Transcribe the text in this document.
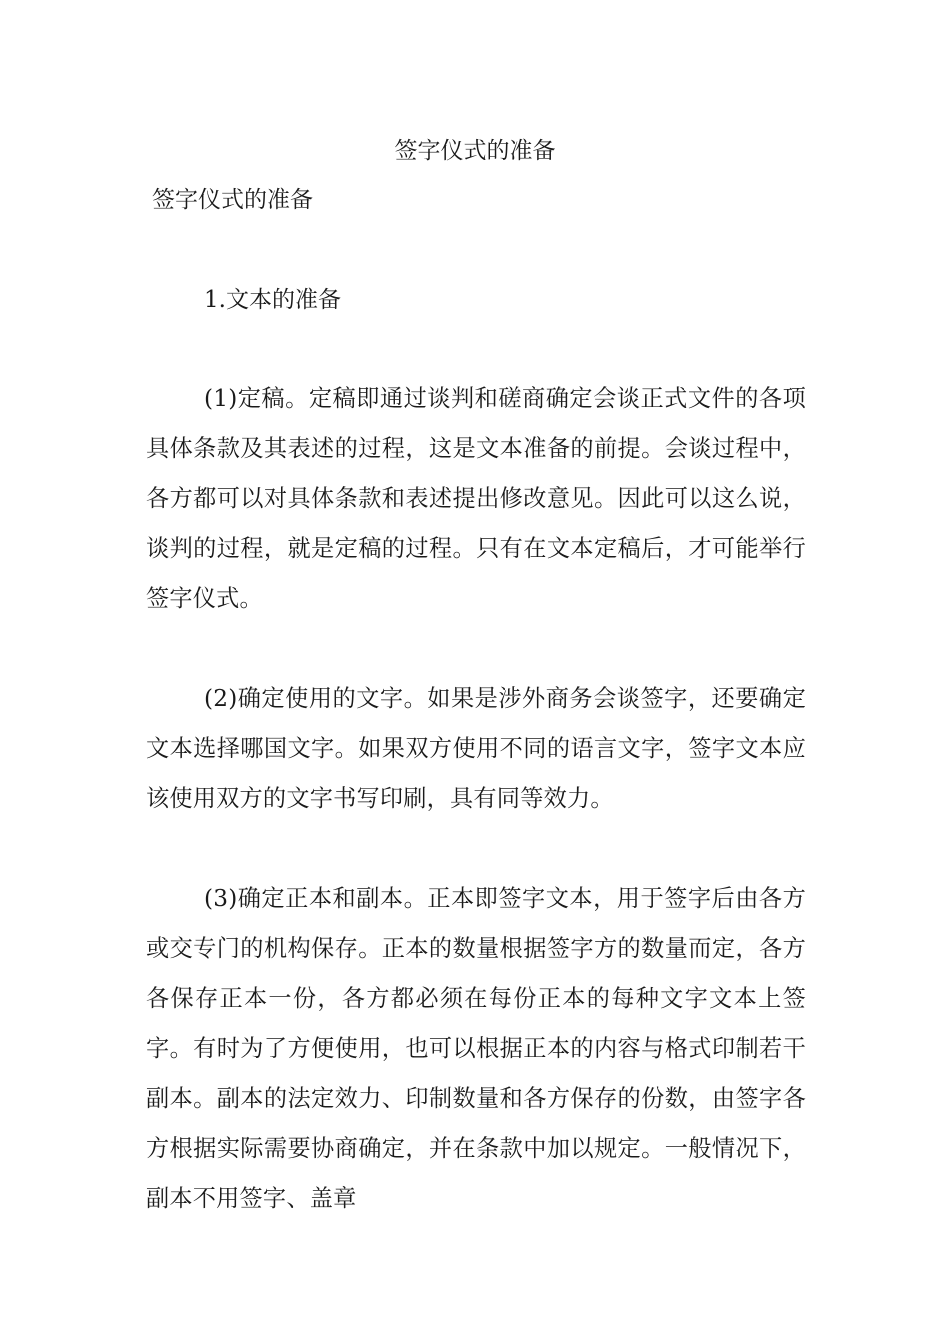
签字仪式的准备
签字仪式的准备
1.文本的准备

(1)定稿。定稿即通过谈判和磋商确定会谈正式文件的各项具体条款及其表述的过程，这是文本准备的前提。会谈过程中，各方都可以对具体条款和表述提出修改意见。因此可以这么说，谈判的过程，就是定稿的过程。只有在文本定稿后，才可能举行签字仪式。

(2)确定使用的文字。如果是涉外商务会谈签字，还要确定文本选择哪国文字。如果双方使用不同的语言文字，签字文本应该使用双方的文字书写印刷，具有同等效力。

(3)确定正本和副本。正本即签字文本，用于签字后由各方或交专门的机构保存。正本的数量根据签字方的数量而定，各方各保存正本一份，各方都必须在每份正本的每种文字文本上签字。有时为了方便使用，也可以根据正本的内容与格式印制若干副本。副本的法定效力、印制数量和各方保存的份数，由签字各方根据实际需要协商确定，并在条款中加以规定。一般情况下，副本不用签字、盖章
